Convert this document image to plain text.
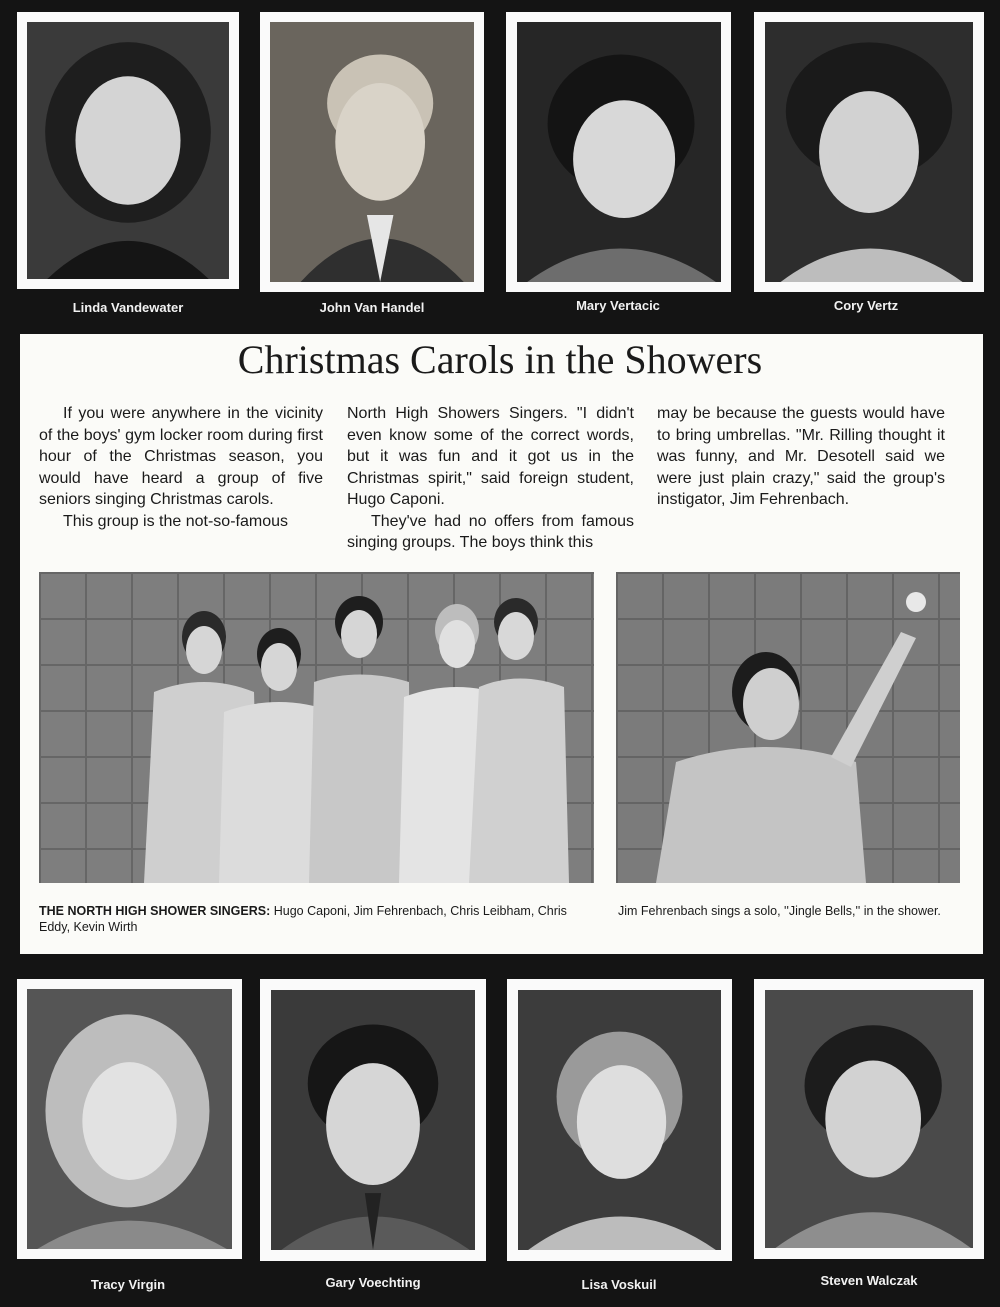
Linda Vandewater	John Van Handel	Mary Vertacic	Cory Vertz
Christmas Carols in the Showers

If you were anywhere in the vicinity of the boys' gym locker room during first hour of the Christmas season, you would have heard a group of five seniors singing Christmas carols.

This group is the not-so-famous

North High Showers Singers. "I didn't even know some of the correct words, but it was fun and it got us in the Christmas spirit," said foreign student, Hugo Caponi.

They've had no offers from famous singing groups. The boys think this

may be because the guests would have to bring umbrellas. "Mr. Rilling thought it was funny, and Mr. Desotell said we were just plain crazy," said the group's instigator, Jim Fehrenbach.

THE NORTH HIGH SHOWER SINGERS: Hugo Caponi, Jim Fehrenbach, Chris Leibham, Chris Eddy, Kevin Wirth
Jim Fehrenbach sings a solo, ''Jingle Bells,'' in the shower.
Tracy Virgin	Gary Voechting	Lisa Voskuil	Steven Walczak
